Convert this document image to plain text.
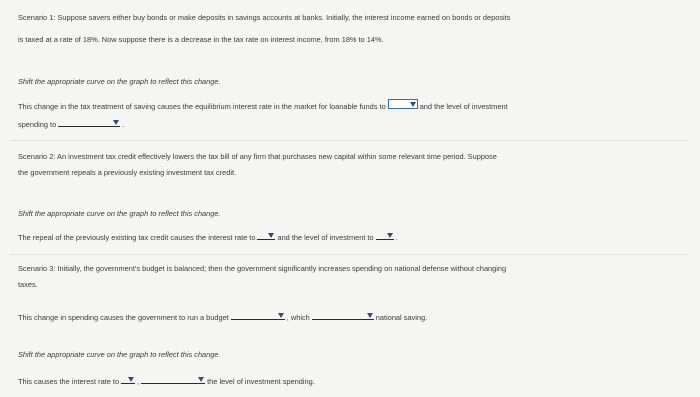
Scenario 1: Suppose savers either buy bonds or make deposits in savings accounts at banks. Initially, the interest income earned on bonds or deposits
is taxed at a rate of 18%. Now suppose there is a decrease in the tax rate on interest income, from 18% to 14%.
Shift the appropriate curve on the graph to reflect this change.
This change in the tax treatment of saving causes the equilibrium interest rate in the market for loanable funds to	and the level of investment
spending to	.
Scenario 2: An investment tax credit effectively lowers the tax bill of any firm that purchases new capital within some relevant time period. Suppose
the government repeals a previously existing investment tax credit.
Shift the appropriate curve on the graph to reflect this change.
The repeal of the previously existing tax credit causes the interest rate to	and the level of investment to	.
Scenario 3: Initially, the government's budget is balanced; then the government significantly increases spending on national defense without changing
taxes.
This change in spending causes the government to run a budget	, which	national saving.
Shift the appropriate curve on the graph to reflect this change.
This causes the interest rate to ,	the level of investment spending.
